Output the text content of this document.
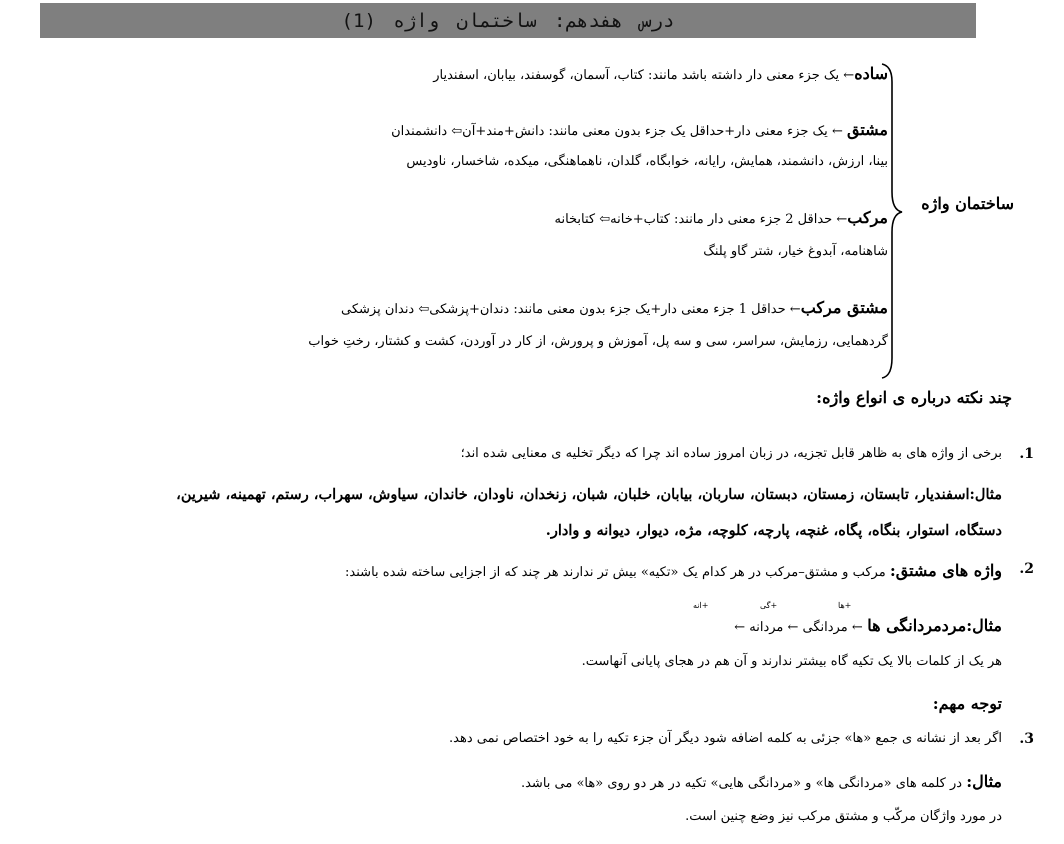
درس هفدهم: ساختمان واژه (1)
ساختمان واژه
ساده← یک جزء معنی دار داشته باشد مانند: کتاب، آسمان، گوسفند، بیابان، اسفندیار
مشتق ← یک جزء معنی دار+حداقل یک جزء بدون معنی مانند: دانش+مند+آن⇦ دانشمندان
بینا، ارزش، دانشمند، همایش، رایانه، خوابگاه، گلدان، ناهماهنگی، میکده، شاخسار، ناودیس
مرکب← حداقل 2 جزء معنی دار مانند: کتاب+خانه⇦ کتابخانه
شاهنامه، آبدوغ خیار، شتر گاو پلنگ
مشتق مرکب← حداقل 1 جزء معنی دار+یک جزء بدون معنی مانند: دندان+پزشکی⇦ دندان پزشکی
گردهمایی، رزمایش، سراسر، سی و سه پل، آموزش و پرورش، از کار در آوردن، کشت و کشتار، رختِ خواب
چند نکته درباره ی انواع واژه:
1.
برخی از واژه های به ظاهر قابل تجزیه، در زبان امروز ساده اند چرا که دیگر تخلیه ی معنایی شده اند؛
مثال:اسفندیار، تابستان، زمستان، دبستان، ساربان، بیابان، خلبان، شبان، زنخدان، ناودان، خاندان، سیاوش، سهراب، رستم، تهمینه، شیرین،
دستگاه، استوار، بنگاه، پگاه، غنچه، پارچه، کلوچه، مژه، دیوار، دیوانه و وادار.
2.
واژه های مشتق: مرکب و مشتق–مرکب در هر کدام یک «تکیه» بیش تر ندارند هر چند که از اجزایی ساخته شده باشند:
مثال:مردمردانگی ها ← مردانگی ← مردانه ←
+ها
+گی
+انه
هر یک از کلمات بالا یک تکیه گاه بیشتر ندارند و آن هم در هجای پایانی آنهاست.
توجه مهم:
3.
اگر بعد از نشانه ی جمع «ها» جزئی به کلمه اضافه شود دیگر آن جزء تکیه را به خود اختصاص نمی دهد.
مثال: در کلمه های «مردانگی ها» و «مردانگی هایی» تکیه در هر دو روی «ها» می باشد.
در مورد واژگان مرکّب و مشتق مرکب نیز وضع چنین است.
